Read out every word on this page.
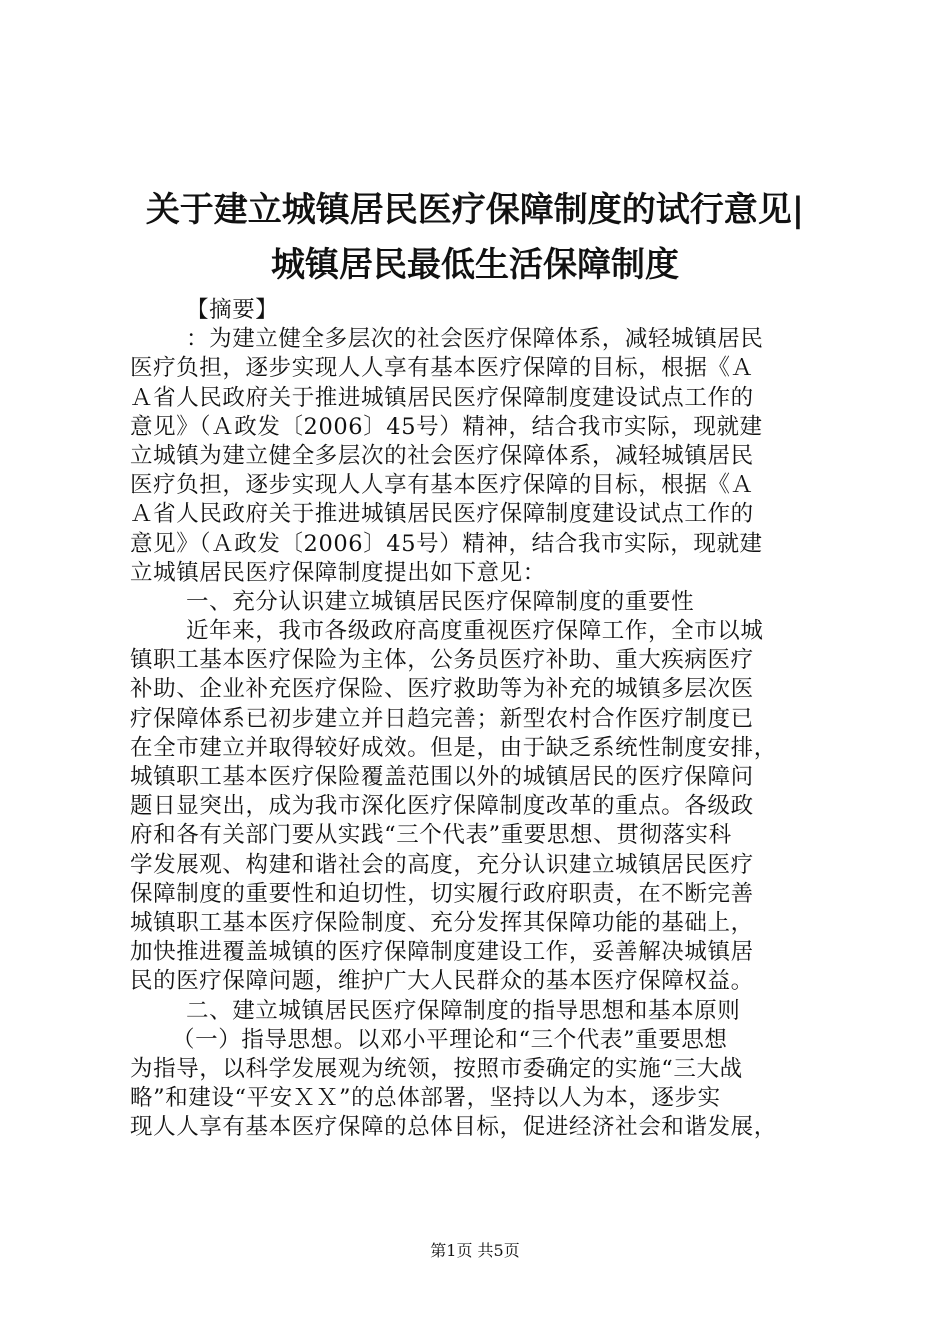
关于建立城镇居民医疗保障制度的试行意见|
城镇居民最低生活保障制度

【摘要】

：为建立健全多层次的社会医疗保障体系，减轻城镇居民

医疗负担，逐步实现人人享有基本医疗保障的目标，根据《Ａ

Ａ省人民政府关于推进城镇居民医疗保障制度建设试点工作的

意见》（Ａ政发〔2006〕45号）精神，结合我市实际，现就建

立城镇为建立健全多层次的社会医疗保障体系，减轻城镇居民

医疗负担，逐步实现人人享有基本医疗保障的目标，根据《Ａ

Ａ省人民政府关于推进城镇居民医疗保障制度建设试点工作的

意见》（Ａ政发〔2006〕45号）精神，结合我市实际，现就建

立城镇居民医疗保障制度提出如下意见：

一、充分认识建立城镇居民医疗保障制度的重要性

近年来，我市各级政府高度重视医疗保障工作，全市以城

镇职工基本医疗保险为主体，公务员医疗补助、重大疾病医疗

补助、企业补充医疗保险、医疗救助等为补充的城镇多层次医

疗保障体系已初步建立并日趋完善；新型农村合作医疗制度已

在全市建立并取得较好成效。但是，由于缺乏系统性制度安排，

城镇职工基本医疗保险覆盖范围以外的城镇居民的医疗保障问

题日显突出，成为我市深化医疗保障制度改革的重点。各级政

府和各有关部门要从实践“三个代表”重要思想、贯彻落实科

学发展观、构建和谐社会的高度，充分认识建立城镇居民医疗

保障制度的重要性和迫切性，切实履行政府职责，在不断完善

城镇职工基本医疗保险制度、充分发挥其保障功能的基础上，

加快推进覆盖城镇的医疗保障制度建设工作，妥善解决城镇居

民的医疗保障问题，维护广大人民群众的基本医疗保障权益。

二、建立城镇居民医疗保障制度的指导思想和基本原则

（一）指导思想。以邓小平理论和“三个代表”重要思想

为指导，以科学发展观为统领，按照市委确定的实施“三大战

略”和建设“平安ＸＸ”的总体部署，坚持以人为本，逐步实

现人人享有基本医疗保障的总体目标，促进经济社会和谐发展，

第1页 共5页
